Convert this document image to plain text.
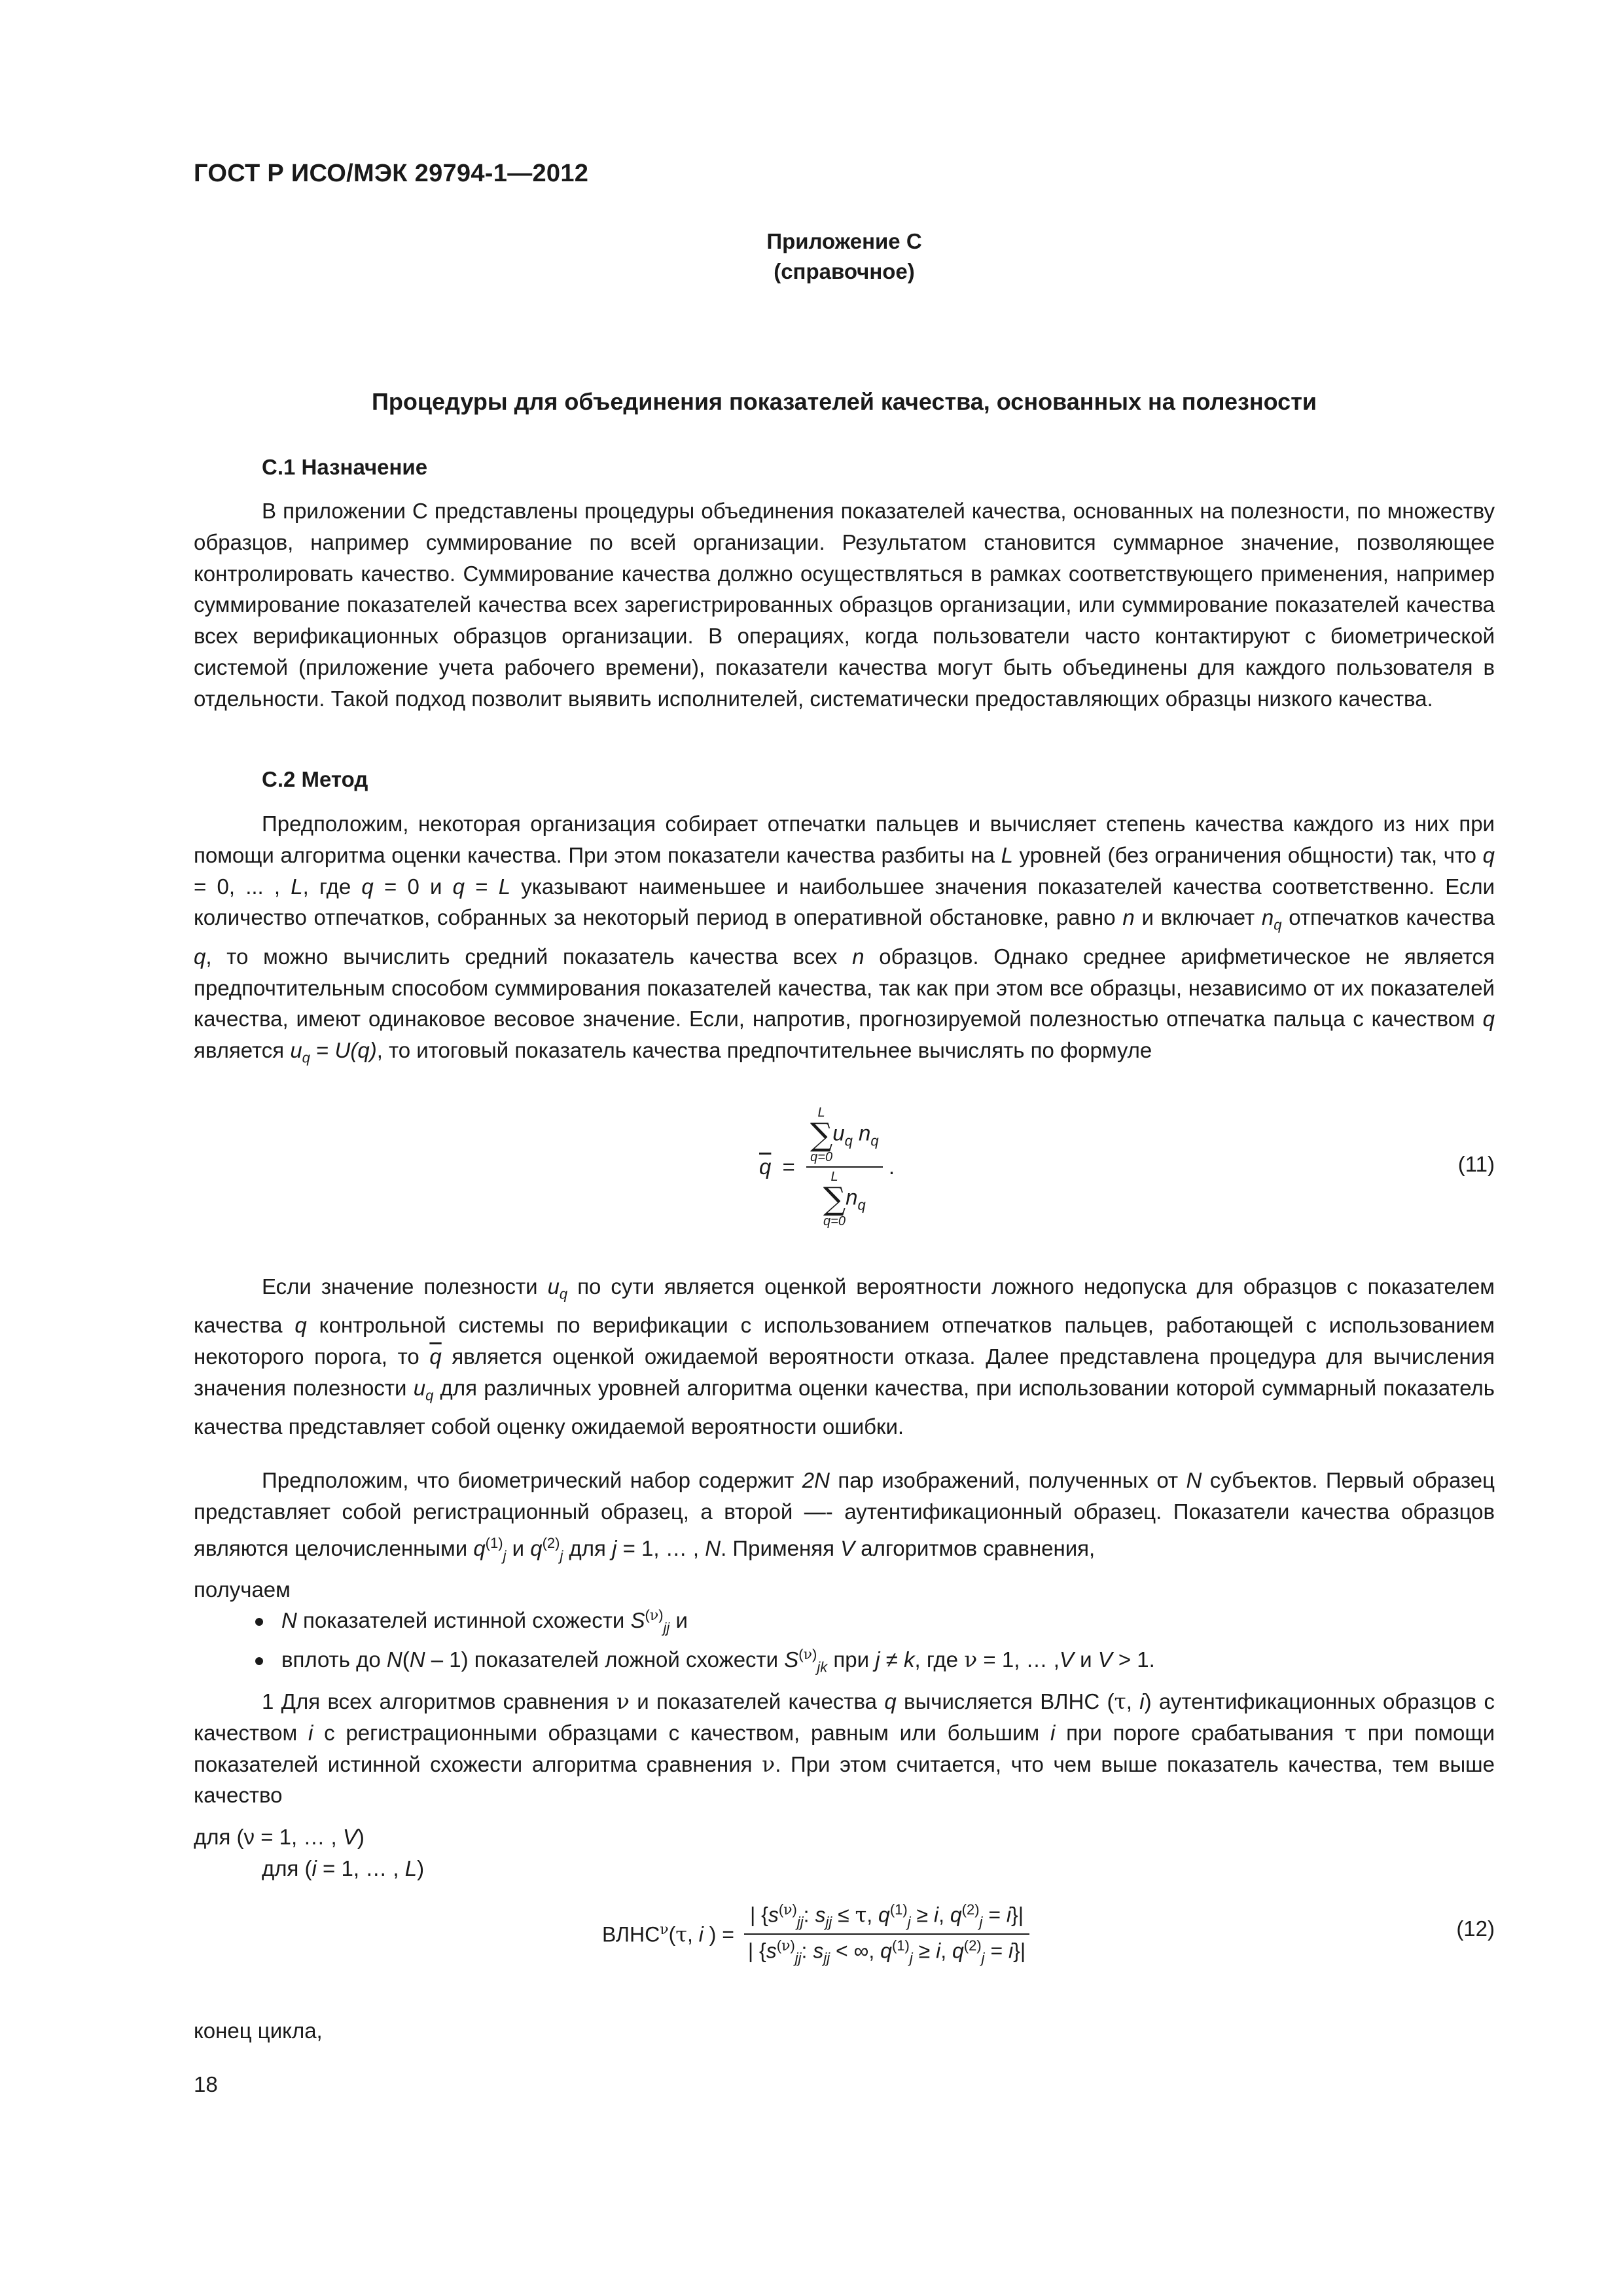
ГОСТ Р ИСО/МЭК 29794-1—2012
Приложение С
(справочное)
Процедуры для объединения показателей качества, основанных на полезности
С.1 Назначение
В приложении С представлены процедуры объединения показателей качества, основанных на полезности, по множеству образцов, например суммирование по всей организации. Результатом становится суммарное значение, позволяющее контролировать качество. Суммирование качества должно осуществляться в рамках соответствующего применения, например суммирование показателей качества всех зарегистрированных образцов организации, или суммирование показателей качества всех верификационных образцов организации. В операциях, когда пользователи часто контактируют с биометрической системой (приложение учета рабочего времени), показатели качества могут быть объединены для каждого пользователя в отдельности. Такой подход позволит выявить исполнителей, систематически предоставляющих образцы низкого качества.
С.2 Метод
Предположим, некоторая организация собирает отпечатки пальцев и вычисляет степень качества каждого из них при помощи алгоритма оценки качества. При этом показатели качества разбиты на L уровней (без ограничения общности) так, что q = 0, ... , L, где q = 0 и q = L указывают наименьшее и наибольшее значения показателей качества соответственно. Если количество отпечатков, собранных за некоторый период в оперативной обстановке, равно n и включает $n_q$ отпечатков качества q, то можно вычислить средний показатель качества всех n образцов. Однако среднее арифметическое не является предпочтительным способом суммирования показателей качества, так как при этом все образцы, независимо от их показателей качества, имеют одинаковое весовое значение. Если, напротив, прогнозируемой полезностью отпечатка пальца с качеством q является $u_q = U(q)$, то итоговый показатель качества предпочтительнее вычислять по формуле
$\overline{q} = L$
∑
q=0
$u_q$ $n_q$
L
∑
q=0
$n_q$ .	(11)
Если значение полезности $u_q$ по сути является оценкой вероятности ложного недопуска для образцов с показателем качества q контрольной системы по верификации с использованием отпечатков пальцев, работающей с использованием некоторого порога, то $\overline{q}$ является оценкой ожидаемой вероятности отказа. Далее представлена процедура для вычисления значения полезности $u_q$ для различных уровней алгоритма оценки качества, при использовании которой суммарный показатель качества представляет собой оценку ожидаемой вероятности ошибки.
Предположим, что биометрический набор содержит 2N пар изображений, полученных от N субъектов. Первый образец представляет собой регистрационный образец, а второй —- аутентификационный образец. Показатели качества образцов являются целочисленными $q^{(1)}_j$ и $q^{(2)}_j$ для j = 1, … , N. Применяя V алгоритмов сравнения,
получаем
N показателей истинной схожести $S^{(\nu)}_{jj}$ и
вплоть до N(N – 1) показателей ложной схожести $S^{(\nu)}_{jk}$ при j ≠ k, где ν = 1, … ,V и V > 1.
1 Для всех алгоритмов сравнения ν и показателей качества q вычисляется ВЛНС (τ, i) аутентификационных образцов с качеством i с регистрационными образцами с качеством, равным или большим i при пороге срабатывания τ при помощи показателей истинной схожести алгоритма сравнения ν. При этом считается, что чем выше показатель качества, тем выше качество
для (ν = 1, … , V)
для (i = 1, … , L)
$ВЛНС^\nu(\tau$, i ) = $\frac{| \{s^{(\nu)}_{jj}: s_{jj} \le \tau, q^{(1)}_j \ge i, q^{(2)}_j = i\}|}{| \{s^{(\nu)}_{jj}: s_{jj} < \infty, q^{(1)}_j \ge i, q^{(2)}_j = i\}|}$	(12)
конец цикла,
18
